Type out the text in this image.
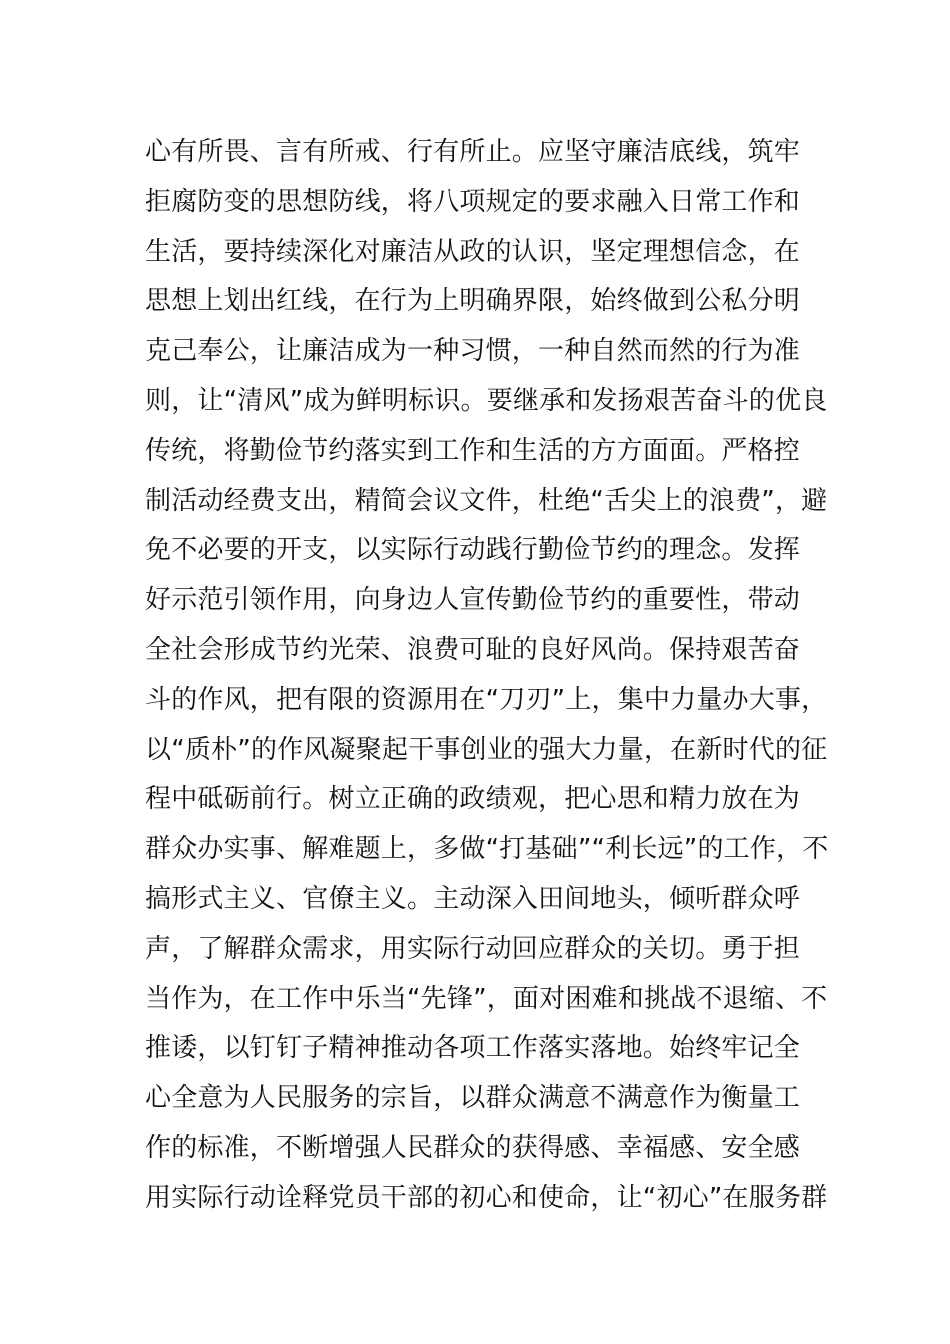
心有所畏、言有所戒、行有所止。应坚守廉洁底线，筑牢
拒腐防变的思想防线，将八项规定的要求融入日常工作和
生活，要持续深化对廉洁从政的认识，坚定理想信念，在
思想上划出红线，在行为上明确界限，始终做到公私分明
克己奉公，让廉洁成为一种习惯，一种自然而然的行为准
则，让“清风”成为鲜明标识。要继承和发扬艰苦奋斗的优良
传统，将勤俭节约落实到工作和生活的方方面面。严格控
制活动经费支出，精简会议文件，杜绝“舌尖上的浪费”，避
免不必要的开支，以实际行动践行勤俭节约的理念。发挥
好示范引领作用，向身边人宣传勤俭节约的重要性，带动
全社会形成节约光荣、浪费可耻的良好风尚。保持艰苦奋
斗的作风，把有限的资源用在“刀刃”上，集中力量办大事，
以“质朴”的作风凝聚起干事创业的强大力量，在新时代的征
程中砥砺前行。树立正确的政绩观，把心思和精力放在为
群众办实事、解难题上，多做“打基础”“利长远”的工作，不
搞形式主义、官僚主义。主动深入田间地头，倾听群众呼
声，了解群众需求，用实际行动回应群众的关切。勇于担
当作为，在工作中乐当“先锋”，面对困难和挑战不退缩、不
推诿，以钉钉子精神推动各项工作落实落地。始终牢记全
心全意为人民服务的宗旨，以群众满意不满意作为衡量工
作的标准，不断增强人民群众的获得感、幸福感、安全感
用实际行动诠释党员干部的初心和使命，让“初心”在服务群
